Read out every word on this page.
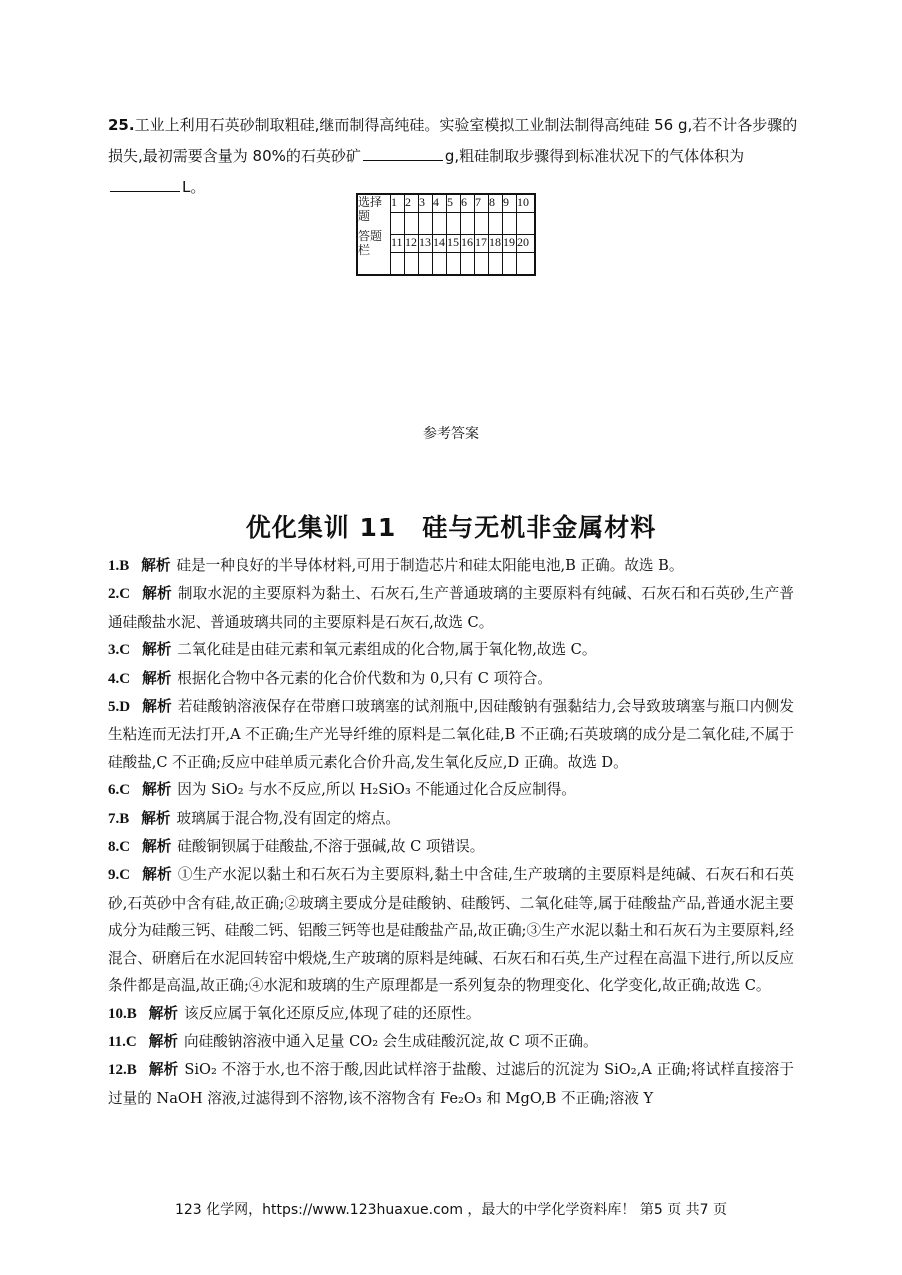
25.工业上利用石英砂制取粗硅,继而制得高纯硅。实验室模拟工业制法制得高纯硅 56 g,若不计各步骤的损失,最初需要含量为 80%的石英砂矿	g,粗硅制取步骤得到标准状况下的气体体积为L。
选择
题
答题
栏	1	2	3	4	5	6	7	8	9	10

	11	12	13	14	15	16	17	18	19	20

参考答案
优化集训 11　硅与无机非金属材料

1.B 解析 硅是一种良好的半导体材料,可用于制造芯片和硅太阳能电池,B 正确。故选 B。

2.C 解析 制取水泥的主要原料为黏土、石灰石,生产普通玻璃的主要原料有纯碱、石灰石和石英砂,生产普通硅酸盐水泥、普通玻璃共同的主要原料是石灰石,故选 C。

3.C 解析 二氧化硅是由硅元素和氧元素组成的化合物,属于氧化物,故选 C。

4.C 解析 根据化合物中各元素的化合价代数和为 0,只有 C 项符合。

5.D 解析 若硅酸钠溶液保存在带磨口玻璃塞的试剂瓶中,因硅酸钠有强黏结力,会导致玻璃塞与瓶口内侧发生粘连而无法打开,A 不正确;生产光导纤维的原料是二氧化硅,B 不正确;石英玻璃的成分是二氧化硅,不属于硅酸盐,C 不正确;反应中硅单质元素化合价升高,发生氧化反应,D 正确。故选 D。

6.C 解析 因为 SiO₂ 与水不反应,所以 H₂SiO₃ 不能通过化合反应制得。

7.B 解析 玻璃属于混合物,没有固定的熔点。

8.C 解析 硅酸铜钡属于硅酸盐,不溶于强碱,故 C 项错误。

9.C 解析 ①生产水泥以黏土和石灰石为主要原料,黏土中含硅,生产玻璃的主要原料是纯碱、石灰石和石英砂,石英砂中含有硅,故正确;②玻璃主要成分是硅酸钠、硅酸钙、二氧化硅等,属于硅酸盐产品,普通水泥主要成分为硅酸三钙、硅酸二钙、铝酸三钙等也是硅酸盐产品,故正确;③生产水泥以黏土和石灰石为主要原料,经混合、研磨后在水泥回转窑中煅烧,生产玻璃的原料是纯碱、石灰石和石英,生产过程在高温下进行,所以反应条件都是高温,故正确;④水泥和玻璃的生产原理都是一系列复杂的物理变化、化学变化,故正确;故选 C。

10.B 解析 该反应属于氧化还原反应,体现了硅的还原性。

11.C 解析 向硅酸钠溶液中通入足量 CO₂ 会生成硅酸沉淀,故 C 项不正确。

12.B 解析 SiO₂ 不溶于水,也不溶于酸,因此试样溶于盐酸、过滤后的沉淀为 SiO₂,A 正确;将试样直接溶于过量的 NaOH 溶液,过滤得到不溶物,该不溶物含有 Fe₂O₃ 和 MgO,B 不正确;溶液 Y

123 化学网，https://www.123huaxue.com ，最大的中学化学资料库！ 第5 页 共7 页
